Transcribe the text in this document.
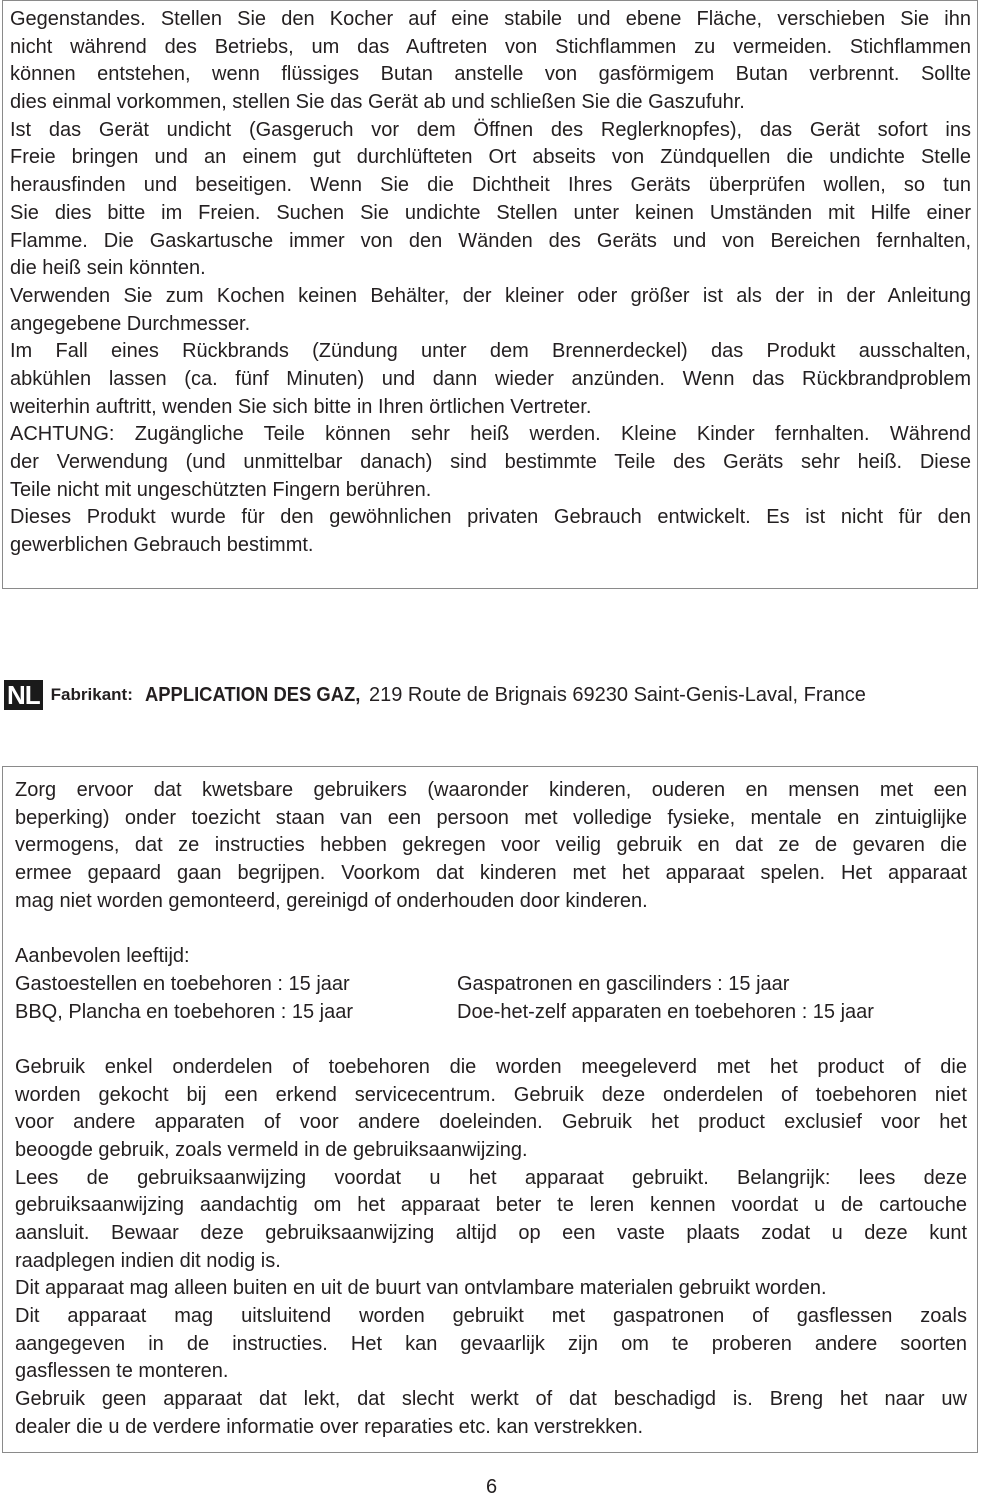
Gegenstandes. Stellen Sie den Kocher auf eine stabile und ebene Fläche, verschieben Sie ihn
nicht während des Betriebs, um das Auftreten von Stichflammen zu vermeiden. Stichflammen
können entstehen, wenn flüssiges Butan anstelle von gasförmigem Butan verbrennt. Sollte
dies einmal vorkommen, stellen Sie das Gerät ab und schließen Sie die Gaszufuhr.
Ist das Gerät undicht (Gasgeruch vor dem Öffnen des Reglerknopfes), das Gerät sofort ins
Freie bringen und an einem gut durchlüfteten Ort abseits von Zündquellen die undichte Stelle
herausfinden und beseitigen. Wenn Sie die Dichtheit Ihres Geräts überprüfen wollen, so tun
Sie dies bitte im Freien. Suchen Sie undichte Stellen unter keinen Umständen mit Hilfe einer
Flamme. Die Gaskartusche immer von den Wänden des Geräts und von Bereichen fernhalten,
die heiß sein könnten.
Verwenden Sie zum Kochen keinen Behälter, der kleiner oder größer ist als der in der Anleitung
angegebene Durchmesser.
Im Fall eines Rückbrands (Zündung unter dem Brennerdeckel) das Produkt ausschalten,
abkühlen lassen (ca. fünf Minuten) und dann wieder anzünden. Wenn das Rückbrandproblem
weiterhin auftritt, wenden Sie sich bitte in Ihren örtlichen Vertreter.
ACHTUNG: Zugängliche Teile können sehr heiß werden. Kleine Kinder fernhalten. Während
der Verwendung (und unmittelbar danach) sind bestimmte Teile des Geräts sehr heiß. Diese
Teile nicht mit ungeschützten Fingern berühren.
Dieses Produkt wurde für den gewöhnlichen privaten Gebrauch entwickelt. Es ist nicht für den
gewerblichen Gebrauch bestimmt.
NL Fabrikant: APPLICATION DES GAZ, 219 Route de Brignais 69230 Saint-Genis-Laval, France
Zorg ervoor dat kwetsbare gebruikers (waaronder kinderen, ouderen en mensen met een
beperking) onder toezicht staan van een persoon met volledige fysieke, mentale en zintuiglijke
vermogens, dat ze instructies hebben gekregen voor veilig gebruik en dat ze de gevaren die
ermee gepaard gaan begrijpen. Voorkom dat kinderen met het apparaat spelen. Het apparaat
mag niet worden gemonteerd, gereinigd of onderhouden door kinderen.
Aanbevolen leeftijd:
Gastoestellen en toebehoren : 15 jaar	Gaspatronen en gascilinders : 15 jaar
BBQ, Plancha en toebehoren : 15 jaar	Doe-het-zelf apparaten en toebehoren : 15 jaar
Gebruik enkel onderdelen of toebehoren die worden meegeleverd met het product of die
worden gekocht bij een erkend servicecentrum. Gebruik deze onderdelen of toebehoren niet
voor andere apparaten of voor andere doeleinden. Gebruik het product exclusief voor het
beoogde gebruik, zoals vermeld in de gebruiksaanwijzing.
Lees de gebruiksaanwijzing voordat u het apparaat gebruikt. Belangrijk: lees deze
gebruiksaanwijzing aandachtig om het apparaat beter te leren kennen voordat u de cartouche
aansluit. Bewaar deze gebruiksaanwijzing altijd op een vaste plaats zodat u deze kunt
raadplegen indien dit nodig is.
Dit apparaat mag alleen buiten en uit de buurt van ontvlambare materialen gebruikt worden.
Dit apparaat mag uitsluitend worden gebruikt met gaspatronen of gasflessen zoals
aangegeven in de instructies. Het kan gevaarlijk zijn om te proberen andere soorten
gasflessen te monteren.
Gebruik geen apparaat dat lekt, dat slecht werkt of dat beschadigd is. Breng het naar uw
dealer die u de verdere informatie over reparaties etc. kan verstrekken.
6
